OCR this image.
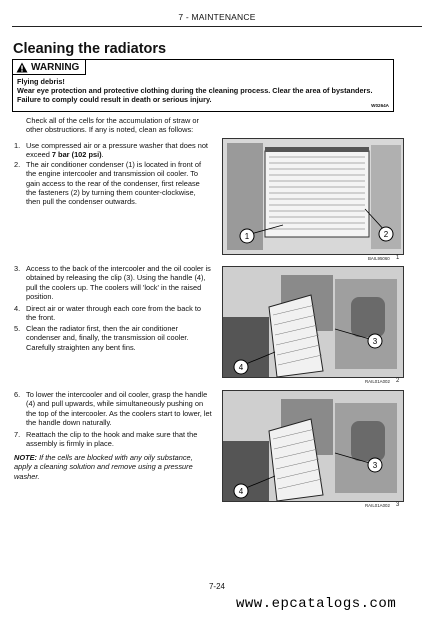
7 - MAINTENANCE
Cleaning the radiators
WARNING
Flying debris!
Wear eye protection and protective clothing during the cleaning process. Clear the area of bystanders.
Failure to comply could result in death or serious injury.
W0264A
Check all of the cells for the accumulation of straw or other obstructions. If any is noted, clean as follows:
1. Use compressed air or a pressure washer that does not exceed 7 bar (102 psi).
2. The air conditioner condenser (1) is located in front of the engine intercooler and transmission oil cooler. To gain access to the rear of the condenser, first release the fasteners (2) by turning them counter-clockwise, then pull the condenser outwards.
3. Access to the back of the intercooler and the oil cooler is obtained by releasing the clip (3). Using the handle (4), pull the coolers up. The coolers will 'lock' in the raised position.
4. Direct air or water through each core from the back to the front.
5. Clean the radiator first, then the air conditioner condenser and, finally, the transmission oil cooler. Carefully straighten any bent fins.
6. To lower the intercooler and oil cooler, grasp the handle (4) and pull upwards, while simultaneously pushing on the top of the intercooler. As the coolers start to lower, let the handle down naturally.
7. Reattach the clip to the hook and make sure that the assembly is firmly in place.
NOTE: If the cells are blocked with any oily substance, apply a cleaning solution and remove using a pressure washer.
1	2
BAIL95060 1
4
3
RAIL01A002 2
4
3
RAIL01A002 3
7-24
www.epcatalogs.com
